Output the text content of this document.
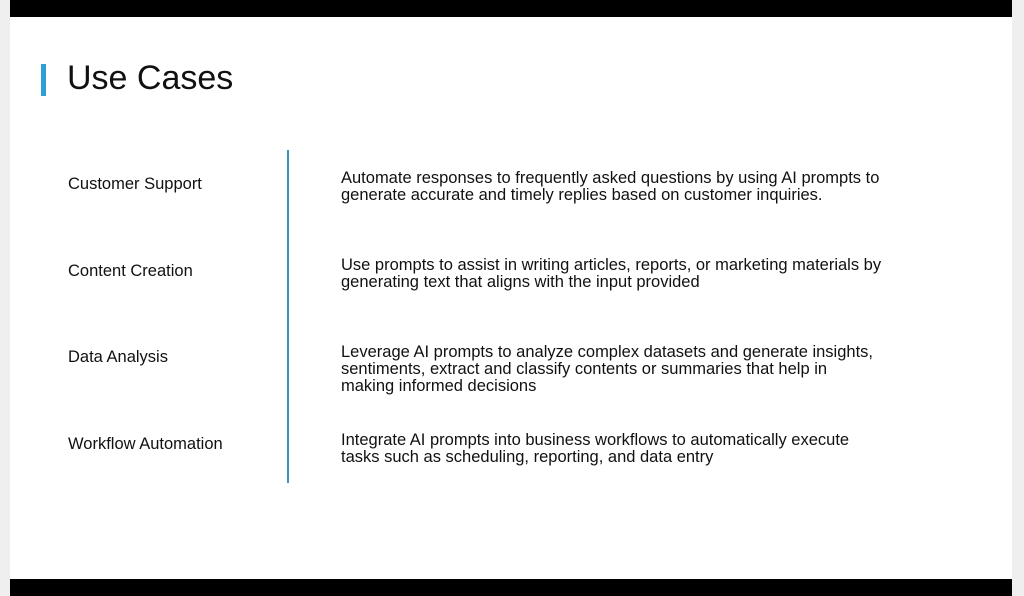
Use Cases
Customer Support	Automate responses to frequently asked questions by using AI prompts to
generate accurate and timely replies based on customer inquiries.
Content Creation	Use prompts to assist in writing articles, reports, or marketing materials by
generating text that aligns with the input provided
Data Analysis	Leverage AI prompts to analyze complex datasets and generate insights,
sentiments, extract and classify contents or summaries that help in
making informed decisions
Workflow Automation	Integrate AI prompts into business workflows to automatically execute
tasks such as scheduling, reporting, and data entry
